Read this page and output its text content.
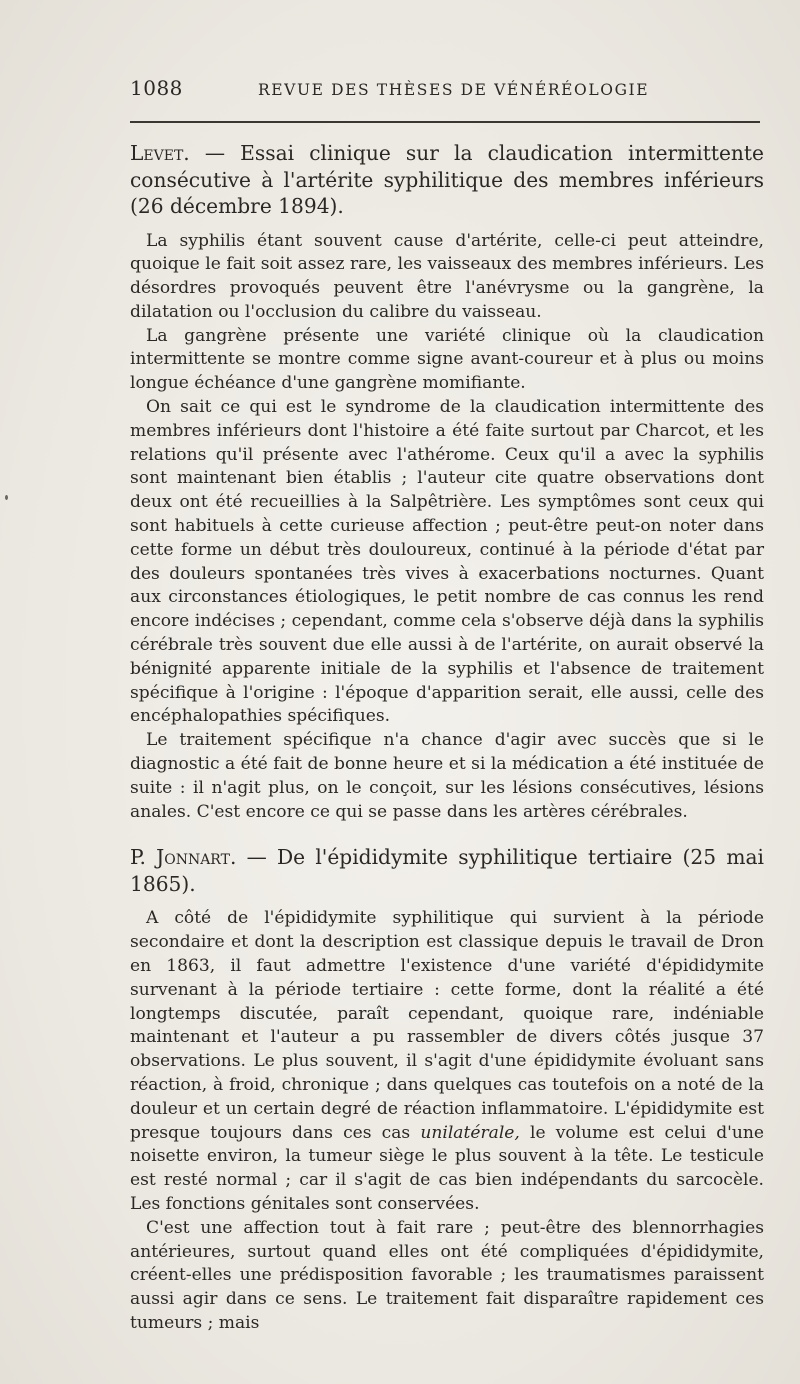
1088	REVUE DES THÈSES DE VÉNÉRÉOLOGIE

Levet. — Essai clinique sur la claudication intermittente consécutive à l'artérite syphilitique des membres inférieurs (26 décembre 1894).

La syphilis étant souvent cause d'artérite, celle-ci peut atteindre, quoique le fait soit assez rare, les vaisseaux des membres inférieurs. Les désordres provoqués peuvent être l'anévrysme ou la gangrène, la dilatation ou l'occlusion du calibre du vaisseau.

La gangrène présente une variété clinique où la claudication intermittente se montre comme signe avant-coureur et à plus ou moins longue échéance d'une gangrène momifiante.

On sait ce qui est le syndrome de la claudication intermittente des membres inférieurs dont l'histoire a été faite surtout par Charcot, et les relations qu'il présente avec l'athérome. Ceux qu'il a avec la syphilis sont maintenant bien établis ; l'auteur cite quatre observations dont deux ont été recueillies à la Salpêtrière. Les symptômes sont ceux qui sont habituels à cette curieuse affection ; peut-être peut-on noter dans cette forme un début très douloureux, continué à la période d'état par des douleurs spontanées très vives à exacerbations nocturnes. Quant aux circonstances étiologiques, le petit nombre de cas connus les rend encore indécises ; cependant, comme cela s'observe déjà dans la syphilis cérébrale très souvent due elle aussi à de l'artérite, on aurait observé la bénignité apparente initiale de la syphilis et l'absence de traitement spécifique à l'origine : l'époque d'apparition serait, elle aussi, celle des encéphalopathies spécifiques.

Le traitement spécifique n'a chance d'agir avec succès que si le diagnostic a été fait de bonne heure et si la médication a été instituée de suite : il n'agit plus, on le conçoit, sur les lésions consécutives, lésions anales. C'est encore ce qui se passe dans les artères cérébrales.

P. Jonnart. — De l'épididymite syphilitique tertiaire (25 mai 1865).

A côté de l'épididymite syphilitique qui survient à la période secondaire et dont la description est classique depuis le travail de Dron en 1863, il faut admettre l'existence d'une variété d'épididymite survenant à la période tertiaire : cette forme, dont la réalité a été longtemps discutée, paraît cependant, quoique rare, indéniable maintenant et l'auteur a pu rassembler de divers côtés jusque 37 observations. Le plus souvent, il s'agit d'une épididymite évoluant sans réaction, à froid, chronique ; dans quelques cas toutefois on a noté de la douleur et un certain degré de réaction inflammatoire. L'épididymite est presque toujours dans ces cas unilatérale, le volume est celui d'une noisette environ, la tumeur siège le plus souvent à la tête. Le testicule est resté normal ; car il s'agit de cas bien indépendants du sarcocèle. Les fonctions génitales sont conservées.

C'est une affection tout à fait rare ; peut-être des blennorrhagies antérieures, surtout quand elles ont été compliquées d'épididymite, créent-elles une prédisposition favorable ; les traumatismes paraissent aussi agir dans ce sens. Le traitement fait disparaître rapidement ces tumeurs ; mais
